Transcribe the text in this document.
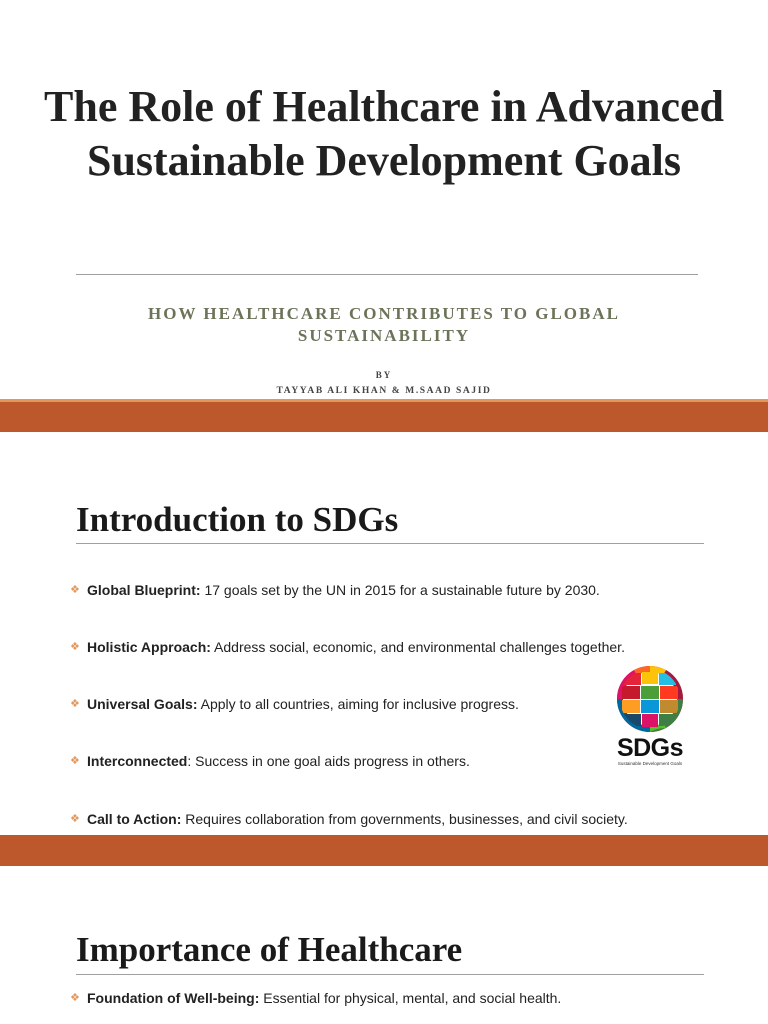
The Role of Healthcare in Advanced Sustainable Development Goals
HOW HEALTHCARE CONTRIBUTES TO GLOBAL SUSTAINABILITY
BY
TAYYAB ALI KHAN & M.SAAD SAJID
Introduction to SDGs
❖ Global Blueprint: 17 goals set by the UN in 2015 for a sustainable future by 2030.
❖ Holistic Approach: Address social, economic, and environmental challenges together.
❖ Universal Goals: Apply to all countries, aiming for inclusive progress.
❖ Interconnected: Success in one goal aids progress in others.
❖ Call to Action: Requires collaboration from governments, businesses, and civil society.
SDGs
Sustainable Development Goals
Importance of Healthcare
❖ Foundation of Well-being: Essential for physical, mental, and social health.
